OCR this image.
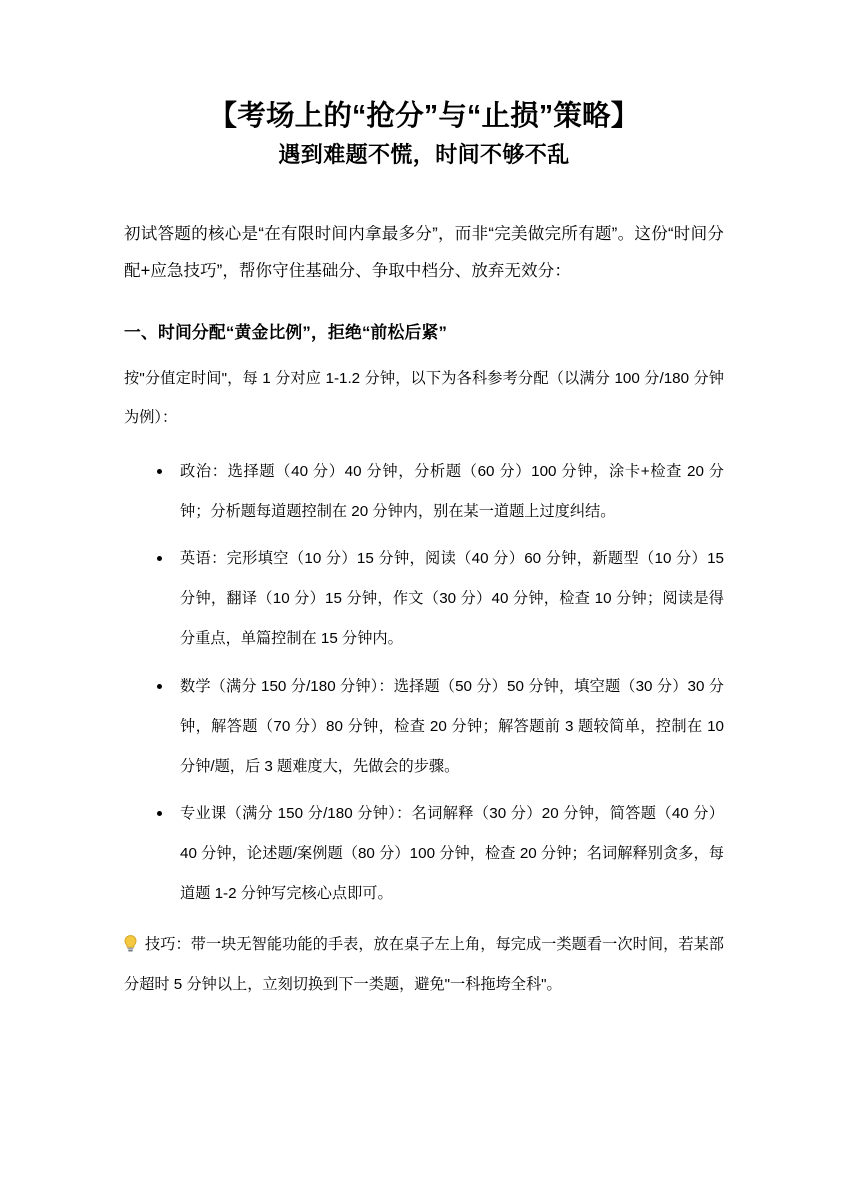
【考场上的“抢分”与“止损”策略】
遇到难题不慌，时间不够不乱

初试答题的核心是“在有限时间内拿最多分”，而非“完美做完所有题”。这份“时间分配+应急技巧”，帮你守住基础分、争取中档分、放弃无效分：

一、时间分配“黄金比例”，拒绝“前松后紧”

按"分值定时间"，每 1 分对应 1-1.2 分钟，以下为各科参考分配（以满分 100 分/180 分钟为例）：

政治：选择题（40 分）40 分钟，分析题（60 分）100 分钟，涂卡+检查 20 分钟；分析题每道题控制在 20 分钟内，别在某一道题上过度纠结。
英语：完形填空（10 分）15 分钟，阅读（40 分）60 分钟，新题型（10 分）15 分钟，翻译（10 分）15 分钟，作文（30 分）40 分钟，检查 10 分钟；阅读是得分重点，单篇控制在 15 分钟内。
数学（满分 150 分/180 分钟）：选择题（50 分）50 分钟，填空题（30 分）30 分钟，解答题（70 分）80 分钟，检查 20 分钟；解答题前 3 题较简单，控制在 10 分钟/题，后 3 题难度大，先做会的步骤。
专业课（满分 150 分/180 分钟）：名词解释（30 分）20 分钟，简答题（40 分）40 分钟，论述题/案例题（80 分）100 分钟，检查 20 分钟；名词解释别贪多，每道题 1-2 分钟写完核心点即可。

技巧：带一块无智能功能的手表，放在桌子左上角，每完成一类题看一次时间，若某部分超时 5 分钟以上，立刻切换到下一类题，避免"一科拖垮全科"。
